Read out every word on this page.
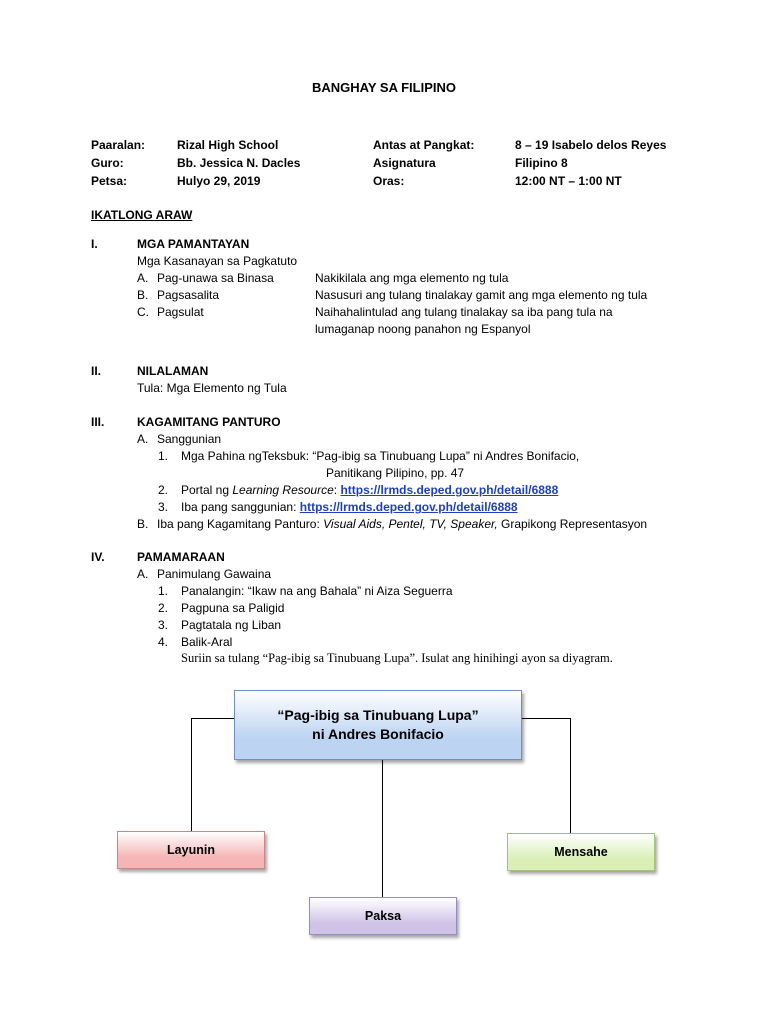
BANGHAY SA FILIPINO
Paaralan:	Rizal High School	Antas at Pangkat:	8 – 19 Isabelo delos Reyes
Guro:	Bb. Jessica N. Dacles	Asignatura	Filipino 8
Petsa:	Hulyo 29, 2019	Oras:	12:00 NT – 1:00 NT
IKATLONG ARAW
I.	MGA PAMANTAYAN
Mga Kasanayan sa Pagkatuto
A. Pag-unawa sa Binasa	Nakikilala ang mga elemento ng tula
B. Pagsasalita	Nasusuri ang tulang tinalakay gamit ang mga elemento ng tula
C. Pagsulat	Naihahalintulad ang tulang tinalakay sa iba pang tula na
lumaganap noong panahon ng Espanyol
II.	NILALAMAN
Tula: Mga Elemento ng Tula
III.	KAGAMITANG PANTURO
A. Sanggunian
1. Mga Pahina ngTeksbuk: “Pag-ibig sa Tinubuang Lupa” ni Andres Bonifacio,
Panitikang Pilipino, pp. 47
2. Portal ng Learning Resource: https://lrmds.deped.gov.ph/detail/6888
3. Iba pang sanggunian: https://lrmds.deped.gov.ph/detail/6888
B. Iba pang Kagamitang Panturo: Visual Aids, Pentel, TV, Speaker, Grapikong Representasyon
IV.	PAMAMARAAN
A. Panimulang Gawaina
1. Panalangin: “Ikaw na ang Bahala” ni Aiza Seguerra
2. Pagpuna sa Paligid
3. Pagtatala ng Liban
4. Balik-Aral
Suriin sa tulang “Pag-ibig sa Tinubuang Lupa”. Isulat ang hinihingi ayon sa diyagram.
“Pag-ibig sa Tinubuang Lupa”
ni Andres Bonifacio
Layunin	Mensahe
Paksa
